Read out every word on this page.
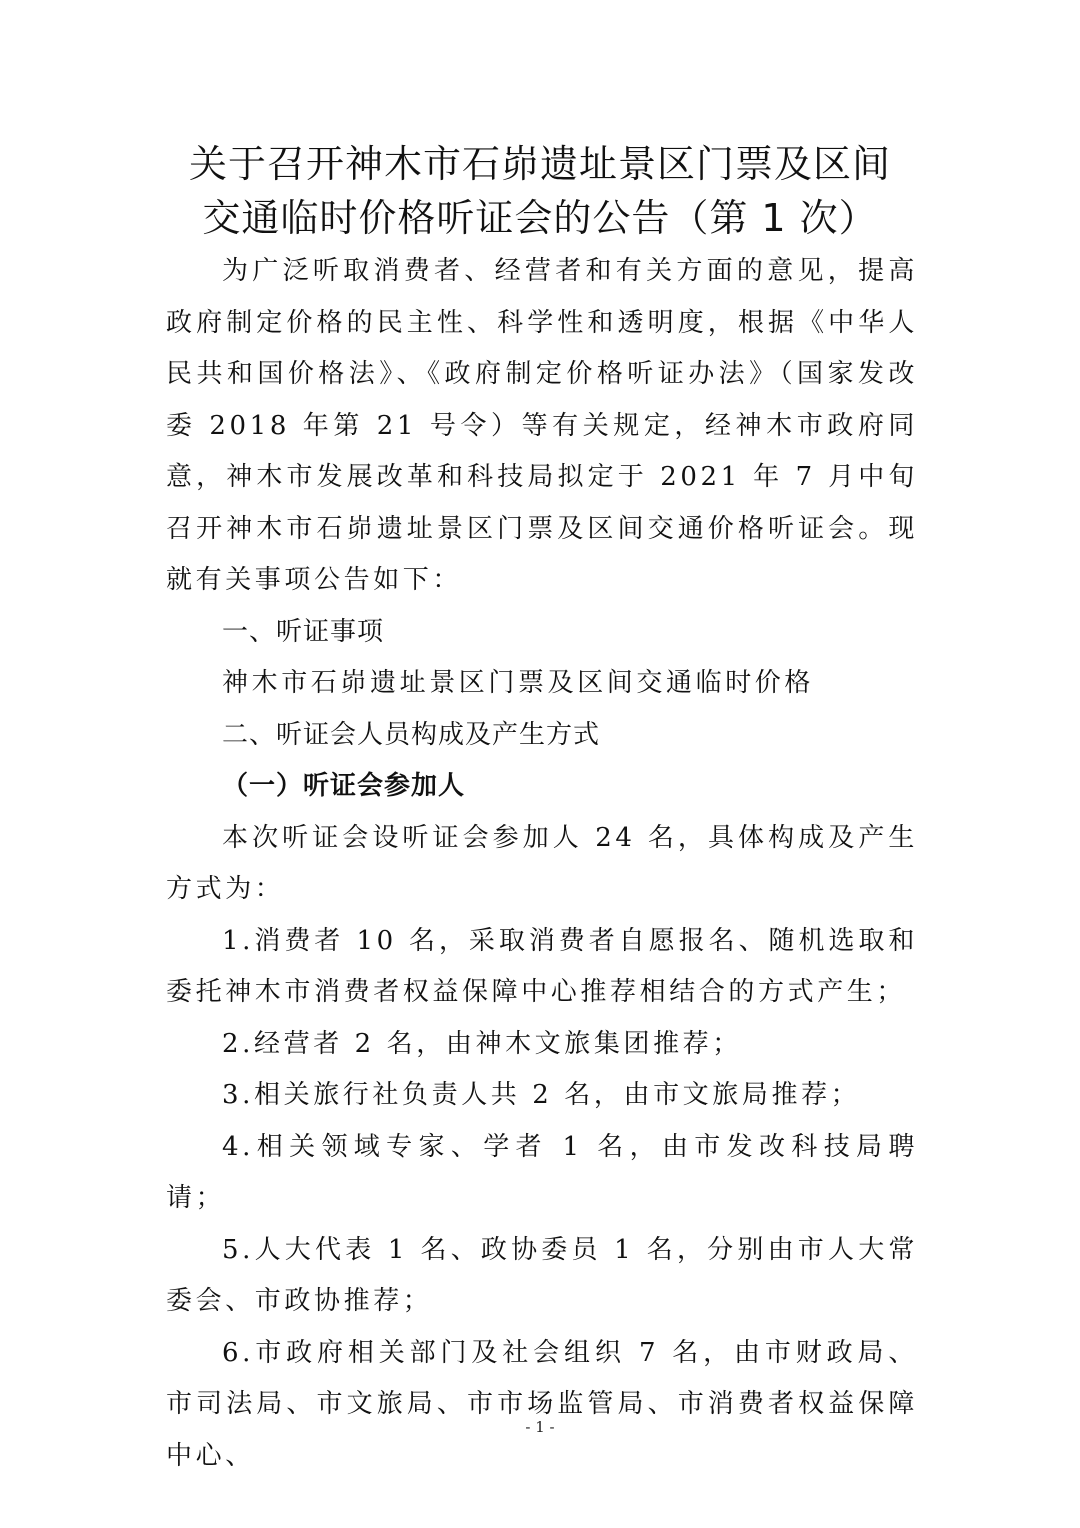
关于召开神木市石峁遗址景区门票及区间
交通临时价格听证会的公告（第 1 次）

为广泛听取消费者、经营者和有关方面的意见，提高政府制定价格的民主性、科学性和透明度，根据《中华人民共和国价格法》、《政府制定价格听证办法》（国家发改委 2018 年第 21 号令）等有关规定，经神木市政府同意，神木市发展改革和科技局拟定于 2021 年 7 月中旬召开神木市石峁遗址景区门票及区间交通价格听证会。现就有关事项公告如下：

一、听证事项

神木市石峁遗址景区门票及区间交通临时价格

二、听证会人员构成及产生方式

（一）听证会参加人

本次听证会设听证会参加人 24 名，具体构成及产生方式为：

1.消费者 10 名，采取消费者自愿报名、随机选取和委托神木市消费者权益保障中心推荐相结合的方式产生；

2.经营者 2 名，由神木文旅集团推荐；

3.相关旅行社负责人共 2 名，由市文旅局推荐；

4.相关领域专家、学者 1 名，由市发改科技局聘请；

5.人大代表 1 名、政协委员 1 名，分别由市人大常委会、市政协推荐；

6.市政府相关部门及社会组织 7 名，由市财政局、市司法局、市文旅局、市市场监管局、市消费者权益保障中心、

- 1 -
